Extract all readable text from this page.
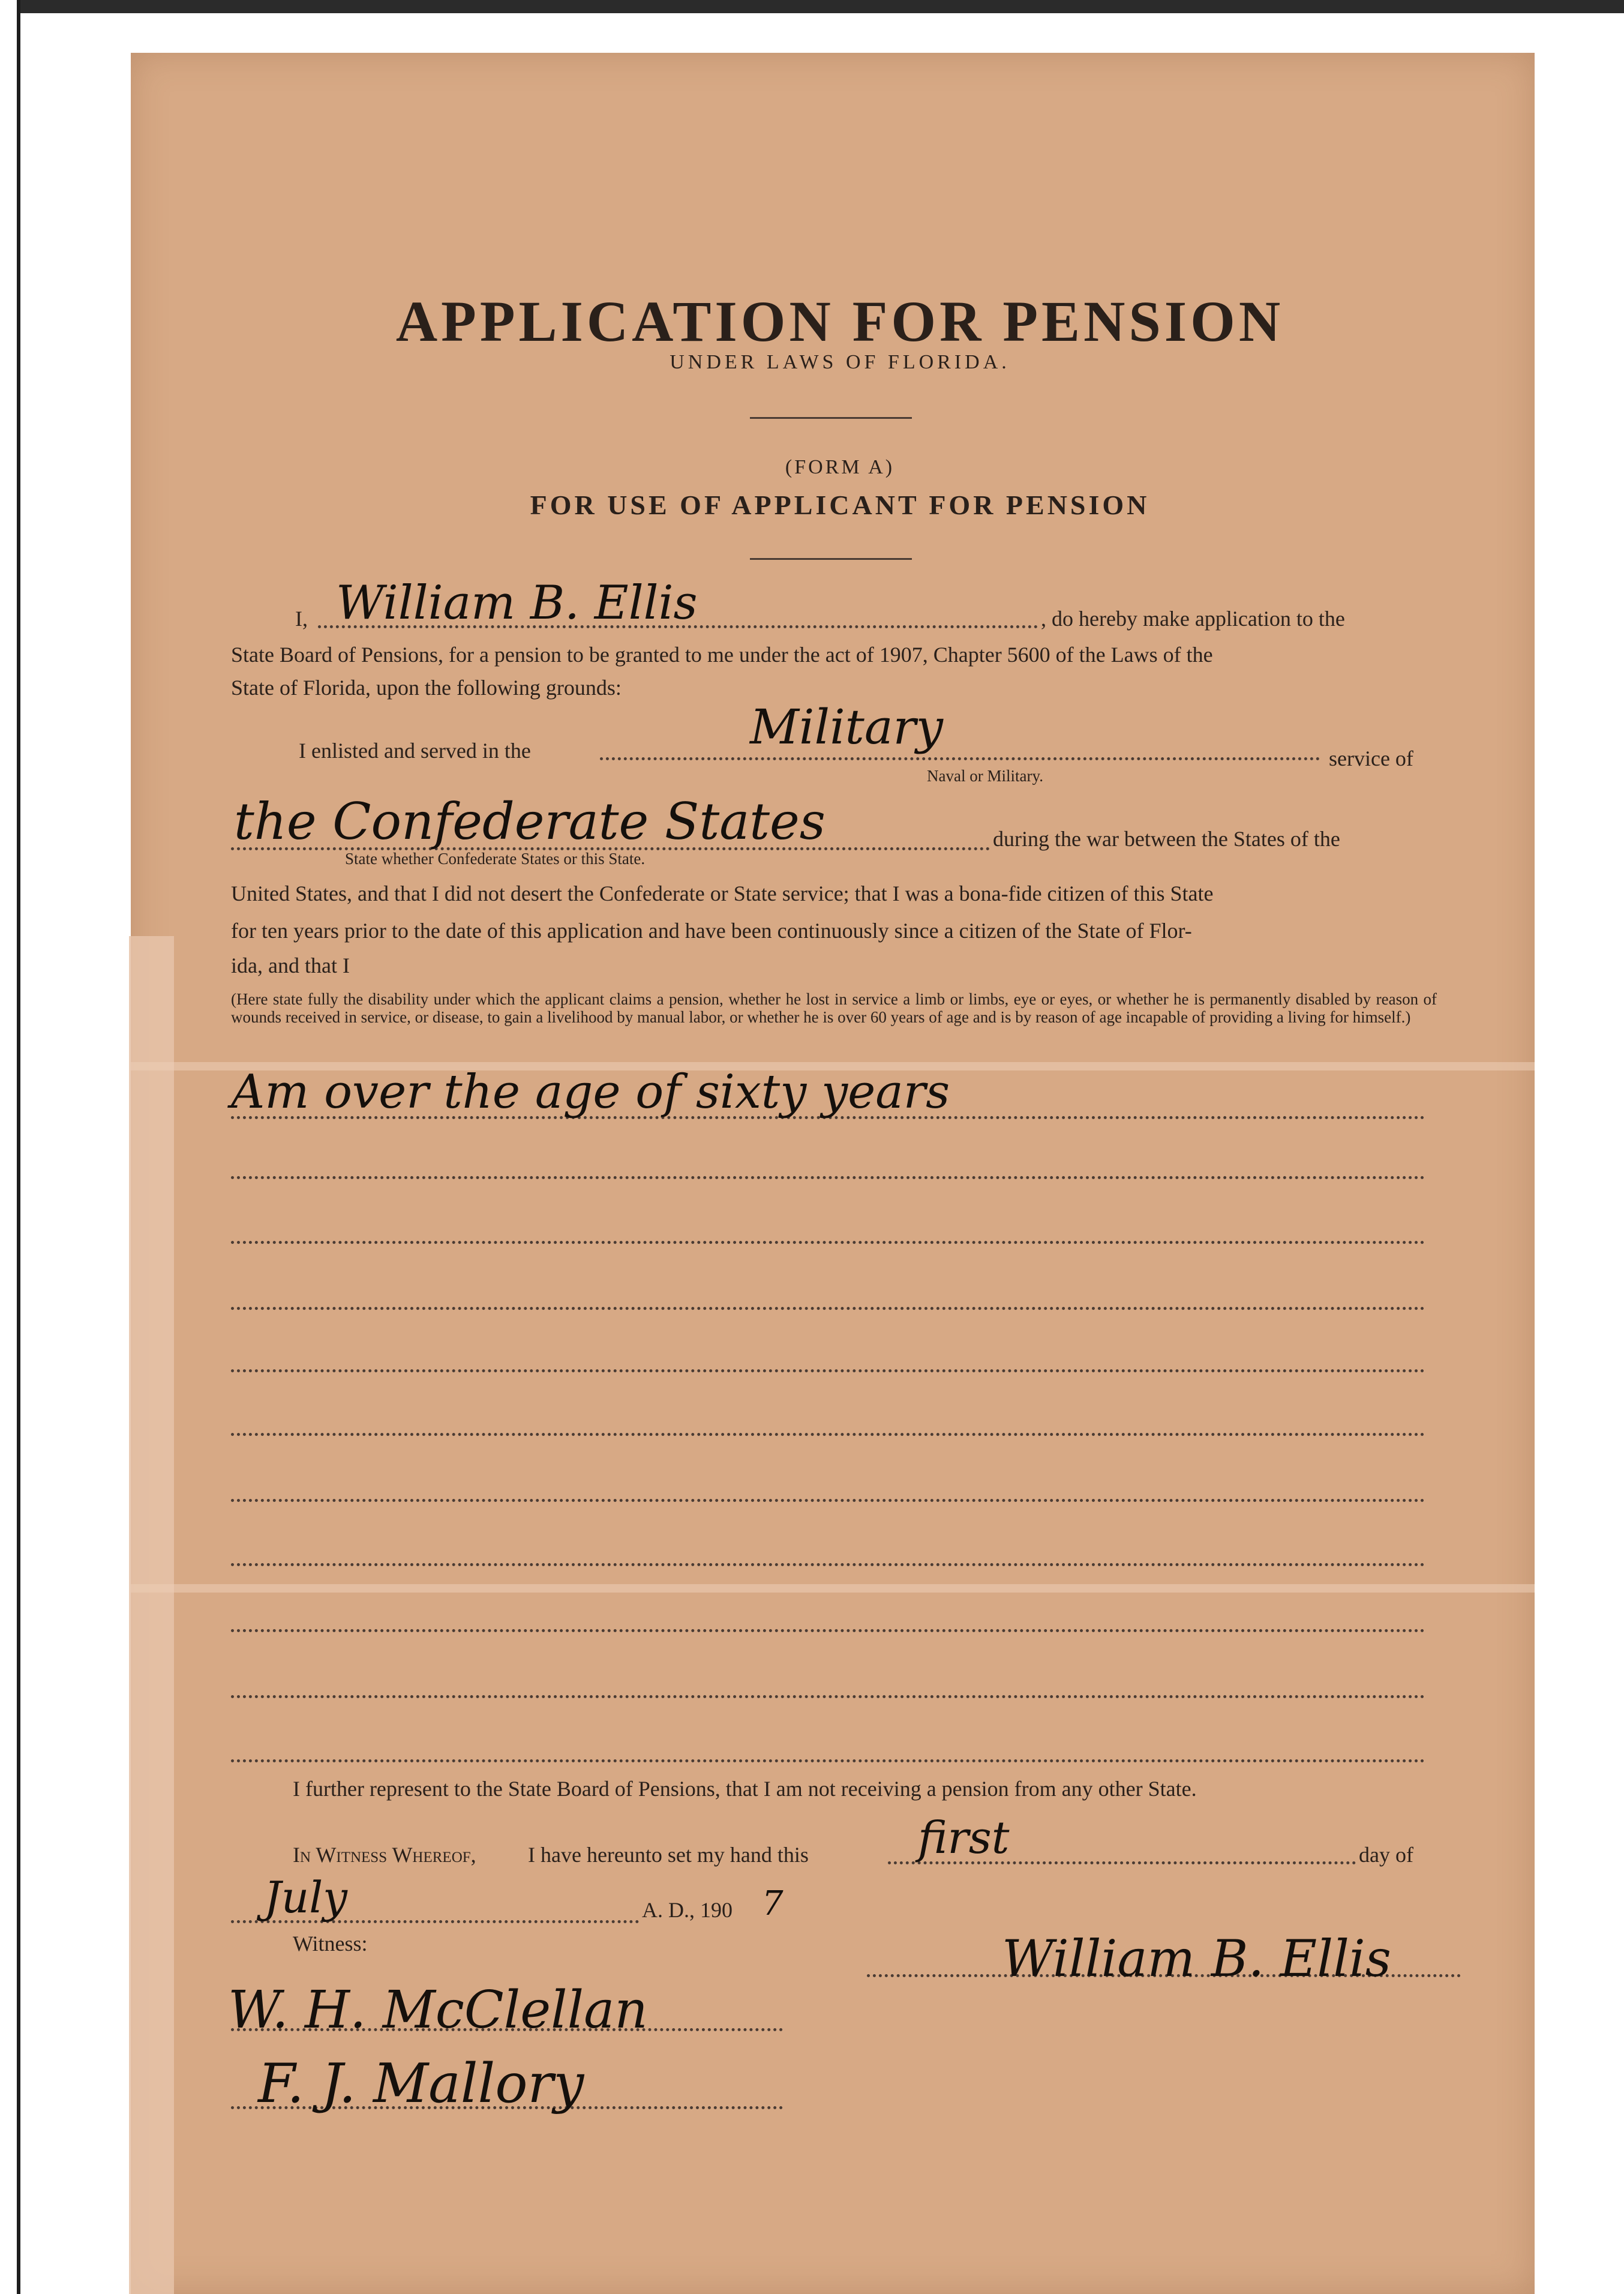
APPLICATION FOR PENSION
UNDER LAWS OF FLORIDA.
(FORM A)
FOR USE OF APPLICANT FOR PENSION
I, William B. Ellis	, do hereby make application to the
State Board of Pensions, for a pension to be granted to me under the act of 1907, Chapter 5600 of the Laws of the
State of Florida, upon the following grounds:
I enlisted and served in the	Military
Naval or Military.
service of
the Confederate States
State whether Confederate States or this State.
during the war between the States of the
United States, and that I did not desert the Confederate or State service; that I was a bona-fide citizen of this State
for ten years prior to the date of this application and have been continuously since a citizen of the State of Flor-
ida, and that I
(Here state fully the disability under which the applicant claims a pension, whether he lost in service a limb or limbs, eye or eyes, or whether he is permanently disabled by reason of wounds received in service, or disease, to gain a livelihood by manual labor, or whether he is over 60 years of age and is by reason of age incapable of providing a living for himself.)
Am over the age of sixty years
I further represent to the State Board of Pensions, that I am not receiving a pension from any other State.
In Witness Whereof, I have hereunto set my hand this first	day of
July	A. D., 190 7
Witness:	William B. Ellis
W. H. McClellan
F. J. Mallory
